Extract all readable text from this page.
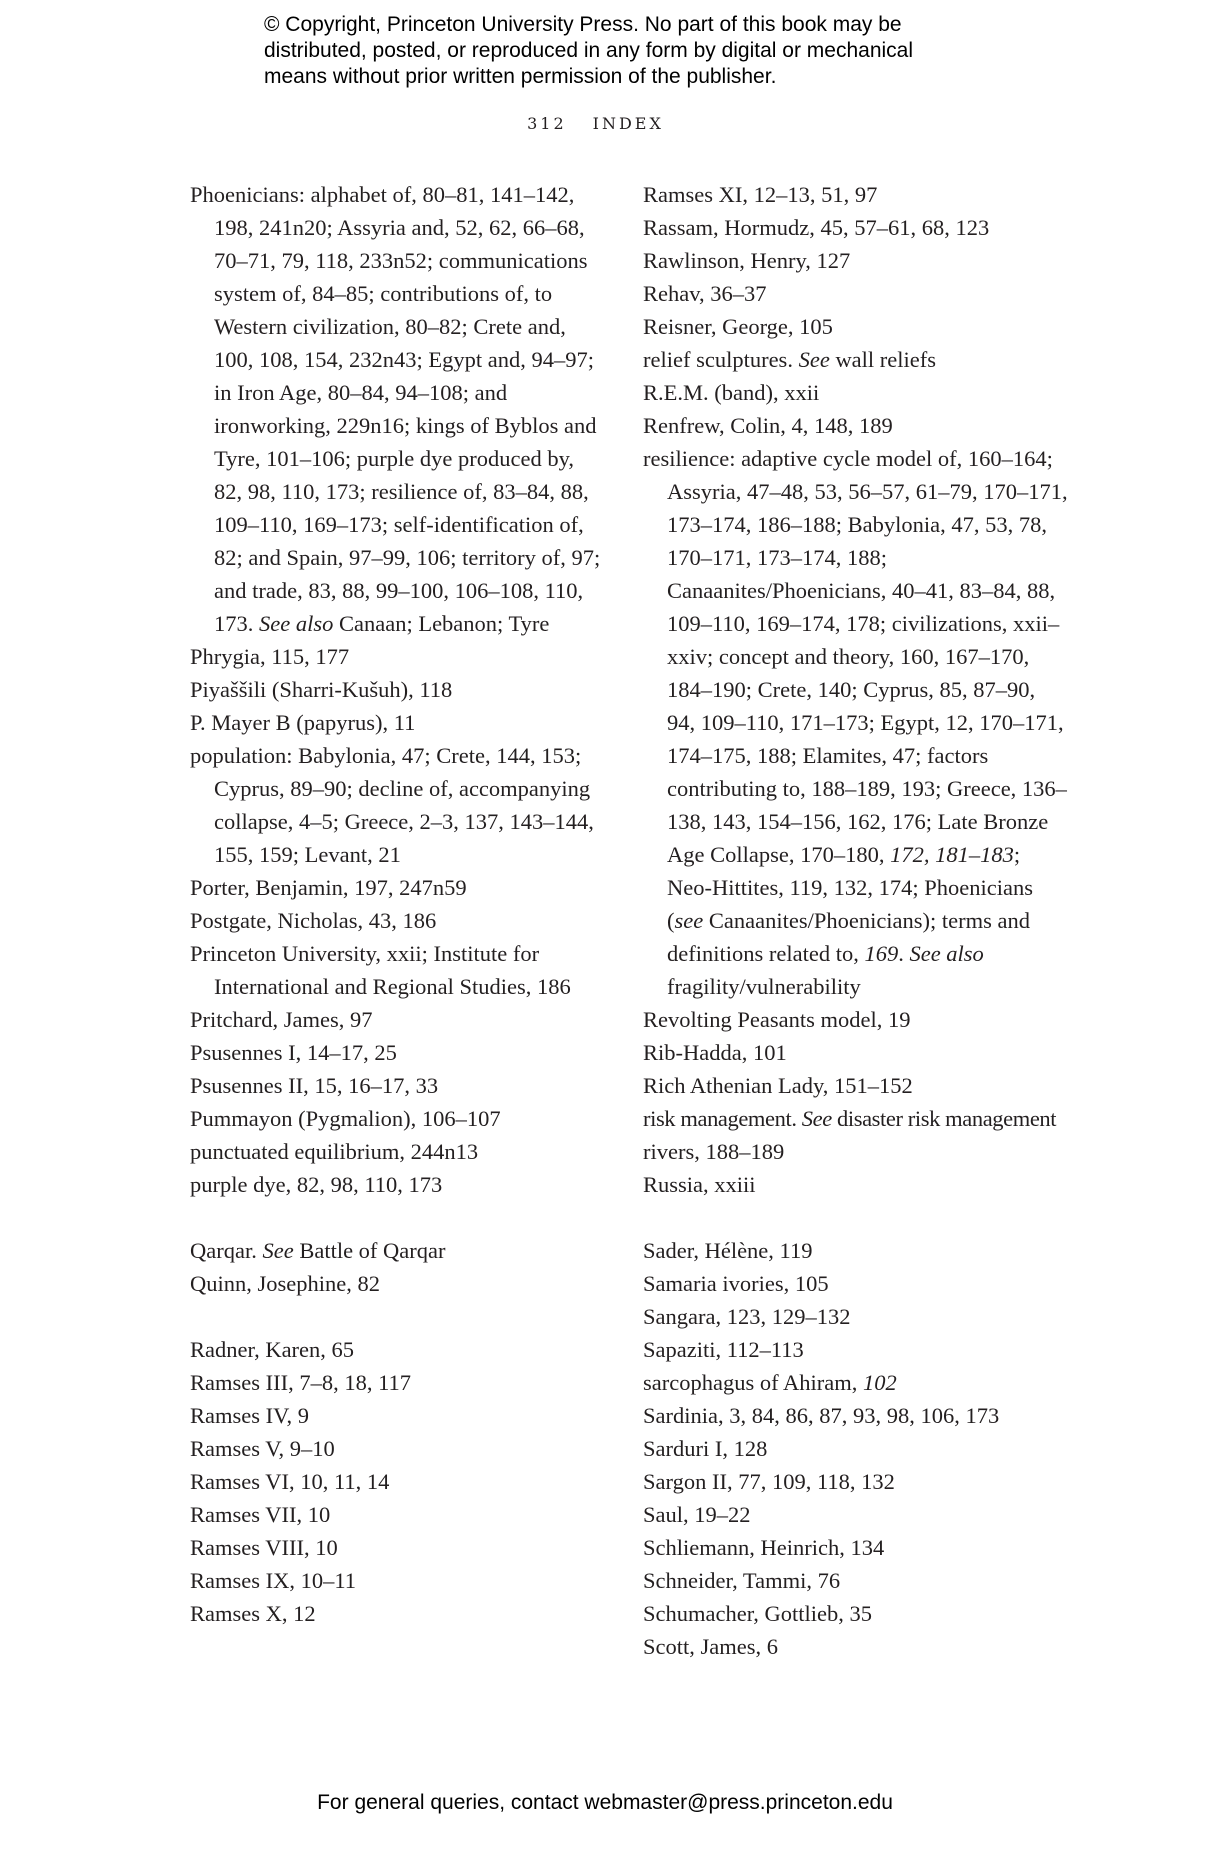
© Copyright, Princeton University Press. No part of this book may be
distributed, posted, or reproduced in any form by digital or mechanical
means without prior written permission of the publisher.
312 INDEX

Phoenicians: alphabet of, 80–81, 141–142, 198, 241n20; Assyria and, 52, 62, 66–68, 70–71, 79, 118, 233n52; communications system of, 84–85; contributions of, to Western civilization, 80–82; Crete and, 100, 108, 154, 232n43; Egypt and, 94–97; in Iron Age, 80–84, 94–108; and ironworking, 229n16; kings of Byblos and Tyre, 101–106; purple dye produced by, 82, 98, 110, 173; resilience of, 83–84, 88, 109–110, 169–173; self-identification of, 82; and Spain, 97–99, 106; territory of, 97; and trade, 83, 88, 99–100, 106–108, 110, 173. See also Canaan; Lebanon; Tyre

Phrygia, 115, 177

Piyaššili (Sharri-Kušuh), 118

P. Mayer B (papyrus), 11

population: Babylonia, 47; Crete, 144, 153; Cyprus, 89–90; decline of, accompanying collapse, 4–5; Greece, 2–3, 137, 143–144, 155, 159; Levant, 21

Porter, Benjamin, 197, 247n59

Postgate, Nicholas, 43, 186

Princeton University, xxii; Institute for International and Regional Studies, 186

Pritchard, James, 97

Psusennes I, 14–17, 25

Psusennes II, 15, 16–17, 33

Pummayon (Pygmalion), 106–107

punctuated equilibrium, 244n13

purple dye, 82, 98, 110, 173

Qarqar. See Battle of Qarqar

Quinn, Josephine, 82

Radner, Karen, 65

Ramses III, 7–8, 18, 117

Ramses IV, 9

Ramses V, 9–10

Ramses VI, 10, 11, 14

Ramses VII, 10

Ramses VIII, 10

Ramses IX, 10–11

Ramses X, 12

Ramses XI, 12–13, 51, 97

Rassam, Hormudz, 45, 57–61, 68, 123

Rawlinson, Henry, 127

Rehav, 36–37

Reisner, George, 105

relief sculptures. See wall reliefs

R.E.M. (band), xxii

Renfrew, Colin, 4, 148, 189

resilience: adaptive cycle model of, 160–164; Assyria, 47–48, 53, 56–57, 61–79, 170–171, 173–174, 186–188; Babylonia, 47, 53, 78, 170–171, 173–174, 188; Canaanites/Phoenicians, 40–41, 83–84, 88, 109–110, 169–174, 178; civilizations, xxii–xxiv; concept and theory, 160, 167–170, 184–190; Crete, 140; Cyprus, 85, 87–90, 94, 109–110, 171–173; Egypt, 12, 170–171, 174–175, 188; Elamites, 47; factors contributing to, 188–189, 193; Greece, 136–138, 143, 154–156, 162, 176; Late Bronze Age Collapse, 170–180, 172, 181–183; Neo-Hittites, 119, 132, 174; Phoenicians (see Canaanites/Phoenicians); terms and definitions related to, 169. See also fragility/vulnerability

Revolting Peasants model, 19

Rib-Hadda, 101

Rich Athenian Lady, 151–152

risk management. See disaster risk management

rivers, 188–189

Russia, xxiii

Sader, Hélène, 119

Samaria ivories, 105

Sangara, 123, 129–132

Sapaziti, 112–113

sarcophagus of Ahiram, 102

Sardinia, 3, 84, 86, 87, 93, 98, 106, 173

Sarduri I, 128

Sargon II, 77, 109, 118, 132

Saul, 19–22

Schliemann, Heinrich, 134

Schneider, Tammi, 76

Schumacher, Gottlieb, 35

Scott, James, 6

For general queries, contact webmaster@press.princeton.edu
